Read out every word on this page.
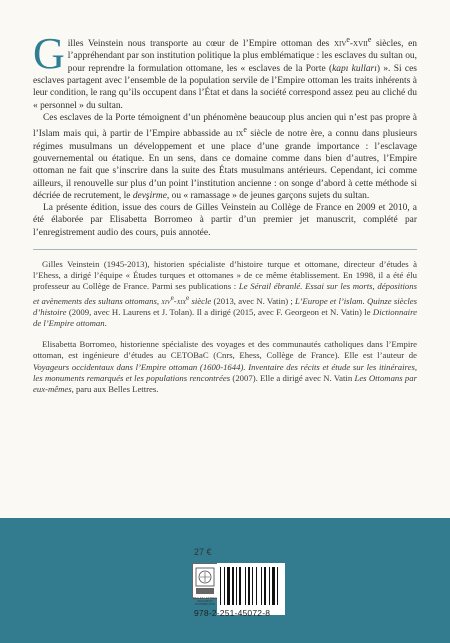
Gilles Veinstein nous transporte au cœur de l’Empire ottoman des xiv$^e$-xvii$^e$ siècles, en l’appréhendant par son institution politique la plus emblématique : les esclaves du sultan ou, pour reprendre la formulation ottomane, les « esclaves de la Porte (kapı kulları) ». Si ces esclaves partagent avec l’ensemble de la population servile de l’Empire ottoman les traits inhérents à leur condition, le rang qu’ils occupent dans l’État et dans la société correspond assez peu au cliché du « personnel » du sultan.

Ces esclaves de la Porte témoignent d’un phénomène beaucoup plus ancien qui n’est pas propre à l’Islam mais qui, à partir de l’Empire abbasside au $ix^e$ siècle de notre ère, a connu dans plusieurs régimes musulmans un développement et une place d’une grande importance : l’esclavage gouvernemental ou étatique. En un sens, dans ce domaine comme dans bien d’autres, l’Empire ottoman ne fait que s’inscrire dans la suite des États musulmans antérieurs. Cependant, ici comme ailleurs, il renouvelle sur plus d’un point l’institution ancienne : on songe d’abord à cette méthode si décriée de recrutement, le devşirme, ou « ramassage » de jeunes garçons sujets du sultan.

La présente édition, issue des cours de Gilles Veinstein au Collège de France en 2009 et 2010, a été élaborée par Elisabetta Borromeo à partir d’un premier jet manuscrit, complété par l’enregistrement audio des cours, puis annotée.

Gilles Veinstein (1945-2013), historien spécialiste d’histoire turque et ottomane, directeur d’études à l’Ehess, a dirigé l’équipe « Études turques et ottomanes » de ce même établissement. En 1998, il a été élu professeur au Collège de France. Parmi ses publications : Le Sérail ébranlé. Essai sur les morts, dépositions et avènements des sultans ottomans, xiv$^e$-xix$^e$ siècle (2013, avec N. Vatin) ; L’Europe et l’islam. Quinze siècles d’histoire (2009, avec H. Laurens et J. Tolan). Il a dirigé (2015, avec F. Georgeon et N. Vatin) le Dictionnaire de l’Empire ottoman.

Elisabetta Borromeo, historienne spécialiste des voyages et des communautés catholiques dans l’Empire ottoman, est ingénieure d’études au CETOBaC (Cnrs, Ehess, Collège de France). Elle est l’auteur de Voyageurs occidentaux dans l’Empire ottoman (1600-1644). Inventaire des récits et étude sur les itinéraires, les monuments remarqués et les populations rencontrées (2007). Elle a dirigé avec N. Vatin Les Ottomans par eux-mêmes, paru aux Belles Lettres.

27 €
BELLES LETTRES DIFFUSION DISTRIBUTION
978-2-251-45072-8
